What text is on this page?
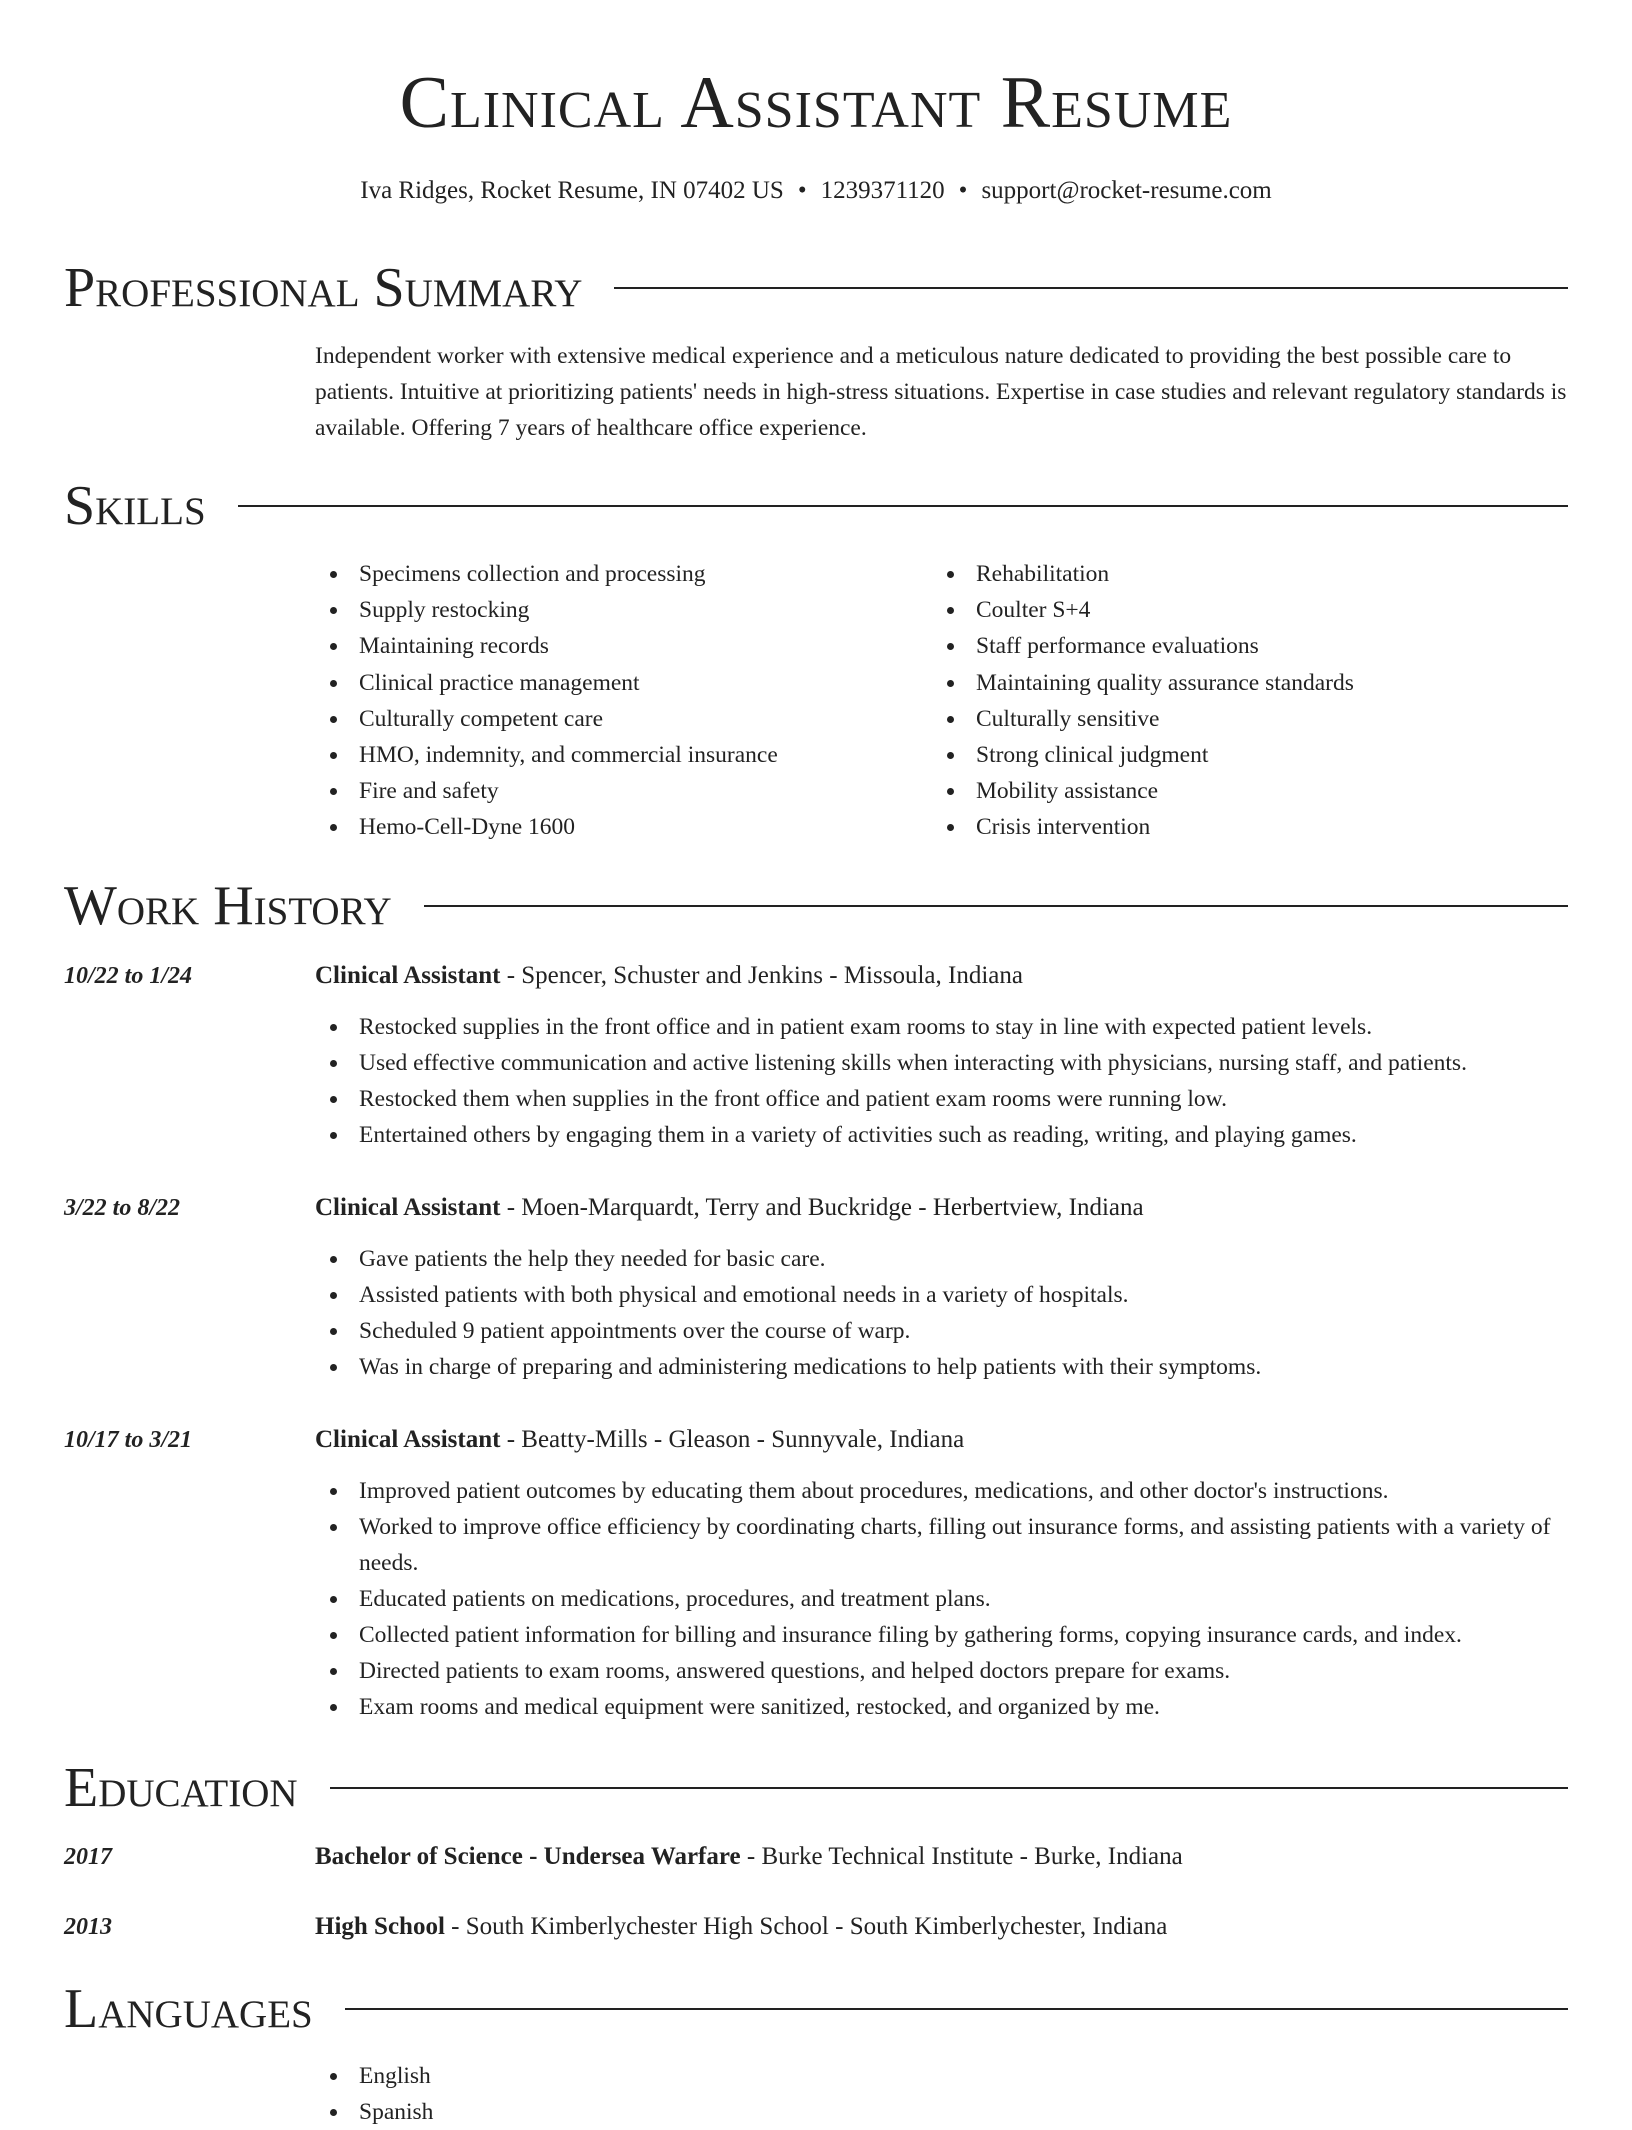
Clinical Assistant Resume
Iva Ridges, Rocket Resume, IN 07402 US • 1239371120 • support@rocket-resume.com
Professional Summary

Independent worker with extensive medical experience and a meticulous nature dedicated to providing the best possible care to patients. Intuitive at prioritizing patients' needs in high-stress situations. Expertise in case studies and relevant regulatory standards is available. Offering 7 years of healthcare office experience.

Skills
Specimens collection and processing
Supply restocking
Maintaining records
Clinical practice management
Culturally competent care
HMO, indemnity, and commercial insurance
Fire and safety
Hemo-Cell-Dyne 1600
Rehabilitation
Coulter S+4
Staff performance evaluations
Maintaining quality assurance standards
Culturally sensitive
Strong clinical judgment
Mobility assistance
Crisis intervention
Work History
10/22 to 1/24	Clinical Assistant - Spencer, Schuster and Jenkins - Missoula, Indiana
Restocked supplies in the front office and in patient exam rooms to stay in line with expected patient levels.
Used effective communication and active listening skills when interacting with physicians, nursing staff, and patients.
Restocked them when supplies in the front office and patient exam rooms were running low.
Entertained others by engaging them in a variety of activities such as reading, writing, and playing games.
3/22 to 8/22	Clinical Assistant - Moen-Marquardt, Terry and Buckridge - Herbertview, Indiana
Gave patients the help they needed for basic care.
Assisted patients with both physical and emotional needs in a variety of hospitals.
Scheduled 9 patient appointments over the course of warp.
Was in charge of preparing and administering medications to help patients with their symptoms.
10/17 to 3/21	Clinical Assistant - Beatty-Mills - Gleason - Sunnyvale, Indiana
Improved patient outcomes by educating them about procedures, medications, and other doctor's instructions.
Worked to improve office efficiency by coordinating charts, filling out insurance forms, and assisting patients with a variety of needs.
Educated patients on medications, procedures, and treatment plans.
Collected patient information for billing and insurance filing by gathering forms, copying insurance cards, and index.
Directed patients to exam rooms, answered questions, and helped doctors prepare for exams.
Exam rooms and medical equipment were sanitized, restocked, and organized by me.
Education
2017	Bachelor of Science - Undersea Warfare - Burke Technical Institute - Burke, Indiana
2013	High School - South Kimberlychester High School - South Kimberlychester, Indiana
Languages
English
Spanish
